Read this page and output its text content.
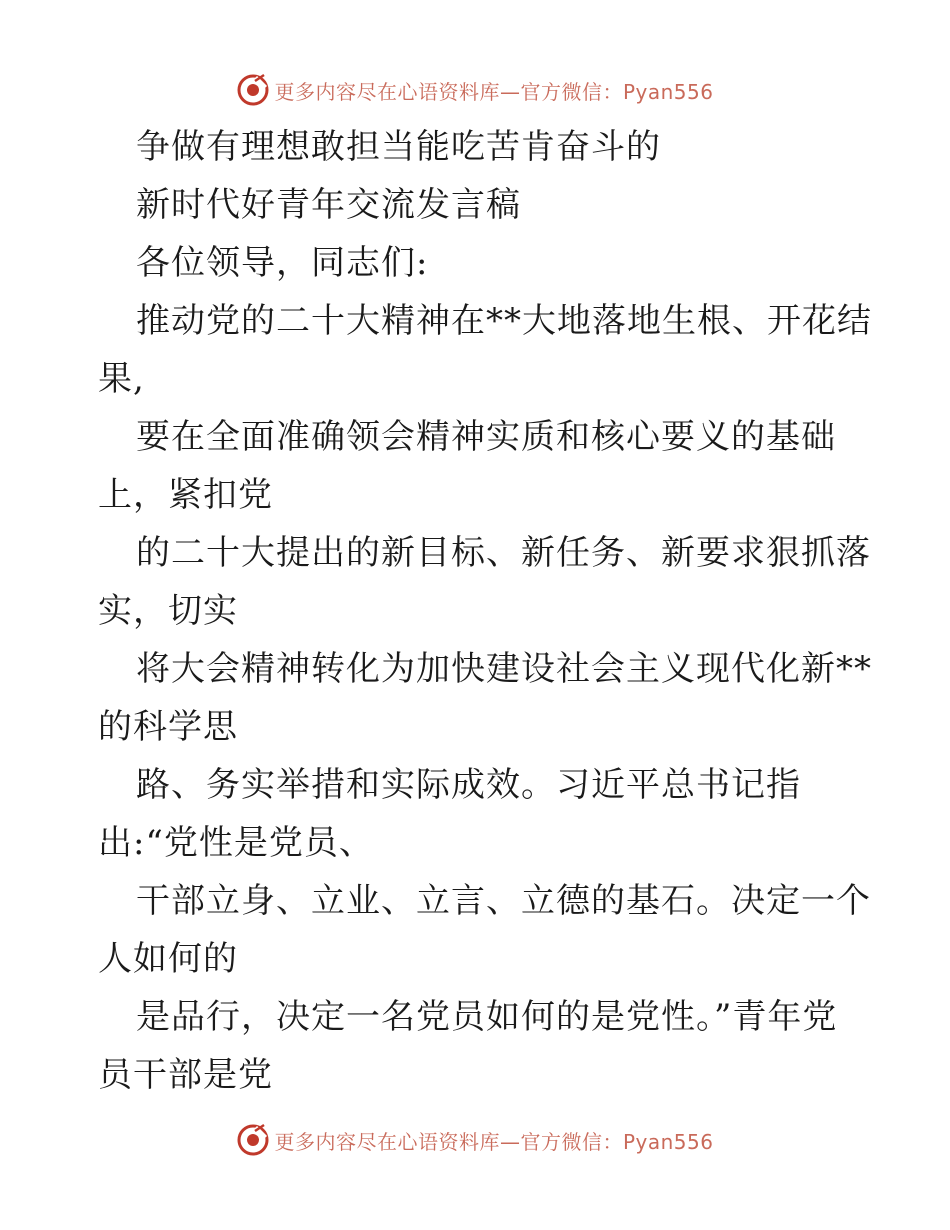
更多内容尽在心语资料库—官方微信：Pyan556
争做有理想敢担当能吃苦肯奋斗的
新时代好青年交流发言稿
各位领导，同志们:
推动党的二十大精神在**大地落地生根、开花结
果,
要在全面准确领会精神实质和核心要义的基础
上，紧扣党
的二十大提出的新目标、新任务、新要求狠抓落
实，切实
将大会精神转化为加快建设社会主义现代化新**
的科学思
路、务实举措和实际成效。习近平总书记指
出:“党性是党员、
干部立身、立业、立言、立德的基石。决定一个
人如何的
是品行，决定一名党员如何的是党性。”青年党
员干部是党
更多内容尽在心语资料库—官方微信：Pyan556
